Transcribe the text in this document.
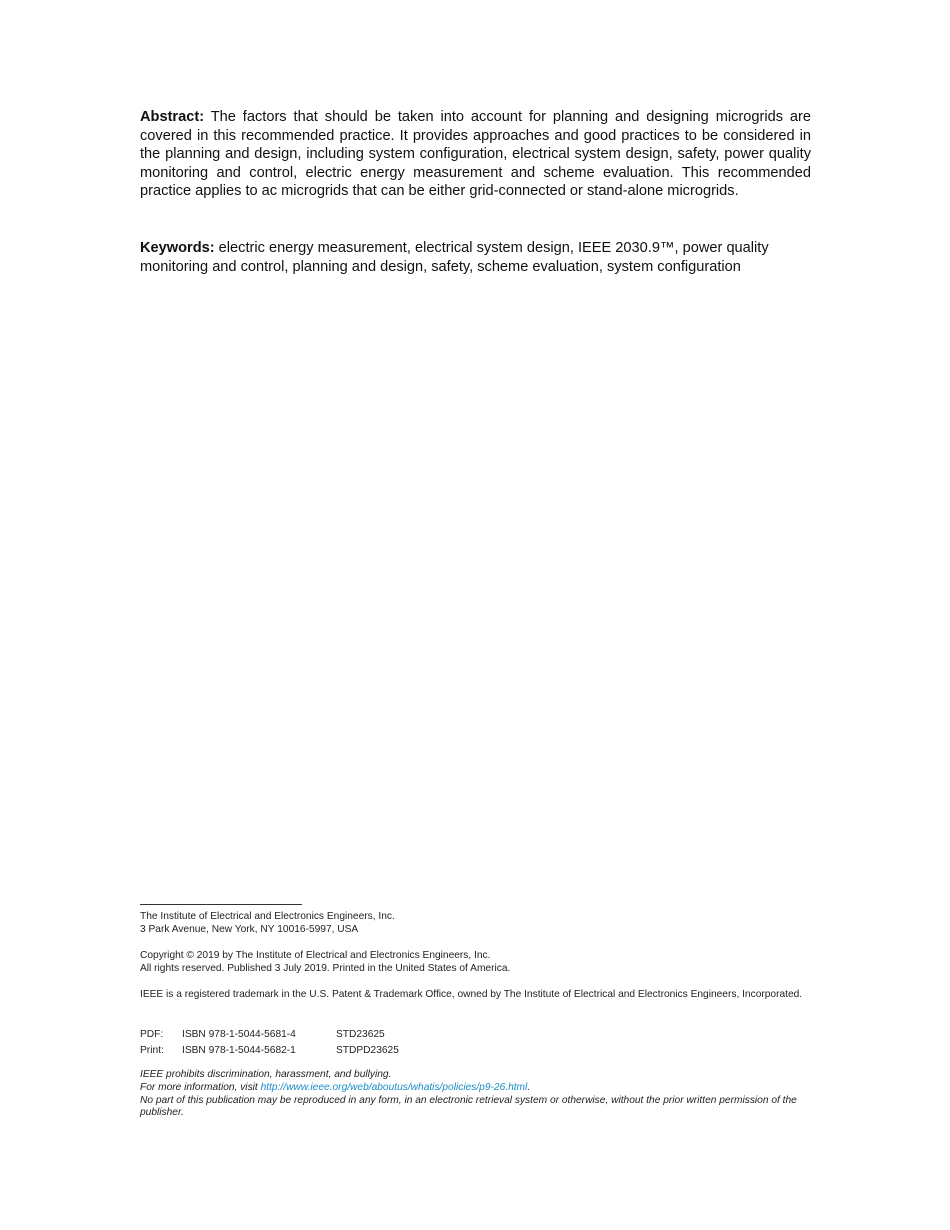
Abstract: The factors that should be taken into account for planning and designing microgrids are covered in this recommended practice. It provides approaches and good practices to be considered in the planning and design, including system configuration, electrical system design, safety, power quality monitoring and control, electric energy measurement and scheme evaluation. This recommended practice applies to ac microgrids that can be either grid-connected or stand-alone microgrids.
Keywords: electric energy measurement, electrical system design, IEEE 2030.9™, power quality monitoring and control, planning and design, safety, scheme evaluation, system configuration
The Institute of Electrical and Electronics Engineers, Inc.
3 Park Avenue, New York, NY 10016-5997, USA
Copyright © 2019 by The Institute of Electrical and Electronics Engineers, Inc.
All rights reserved. Published 3 July 2019. Printed in the United States of America.
IEEE is a registered trademark in the U.S. Patent & Trademark Office, owned by The Institute of Electrical and Electronics Engineers, Incorporated.
PDF:	ISBN 978-1-5044-5681-4	STD23625
Print:	ISBN 978-1-5044-5682-1	STDPD23625
IEEE prohibits discrimination, harassment, and bullying.
For more information, visit http://www.ieee.org/web/aboutus/whatis/policies/p9-26.html.
No part of this publication may be reproduced in any form, in an electronic retrieval system or otherwise, without the prior written permission of the publisher.
